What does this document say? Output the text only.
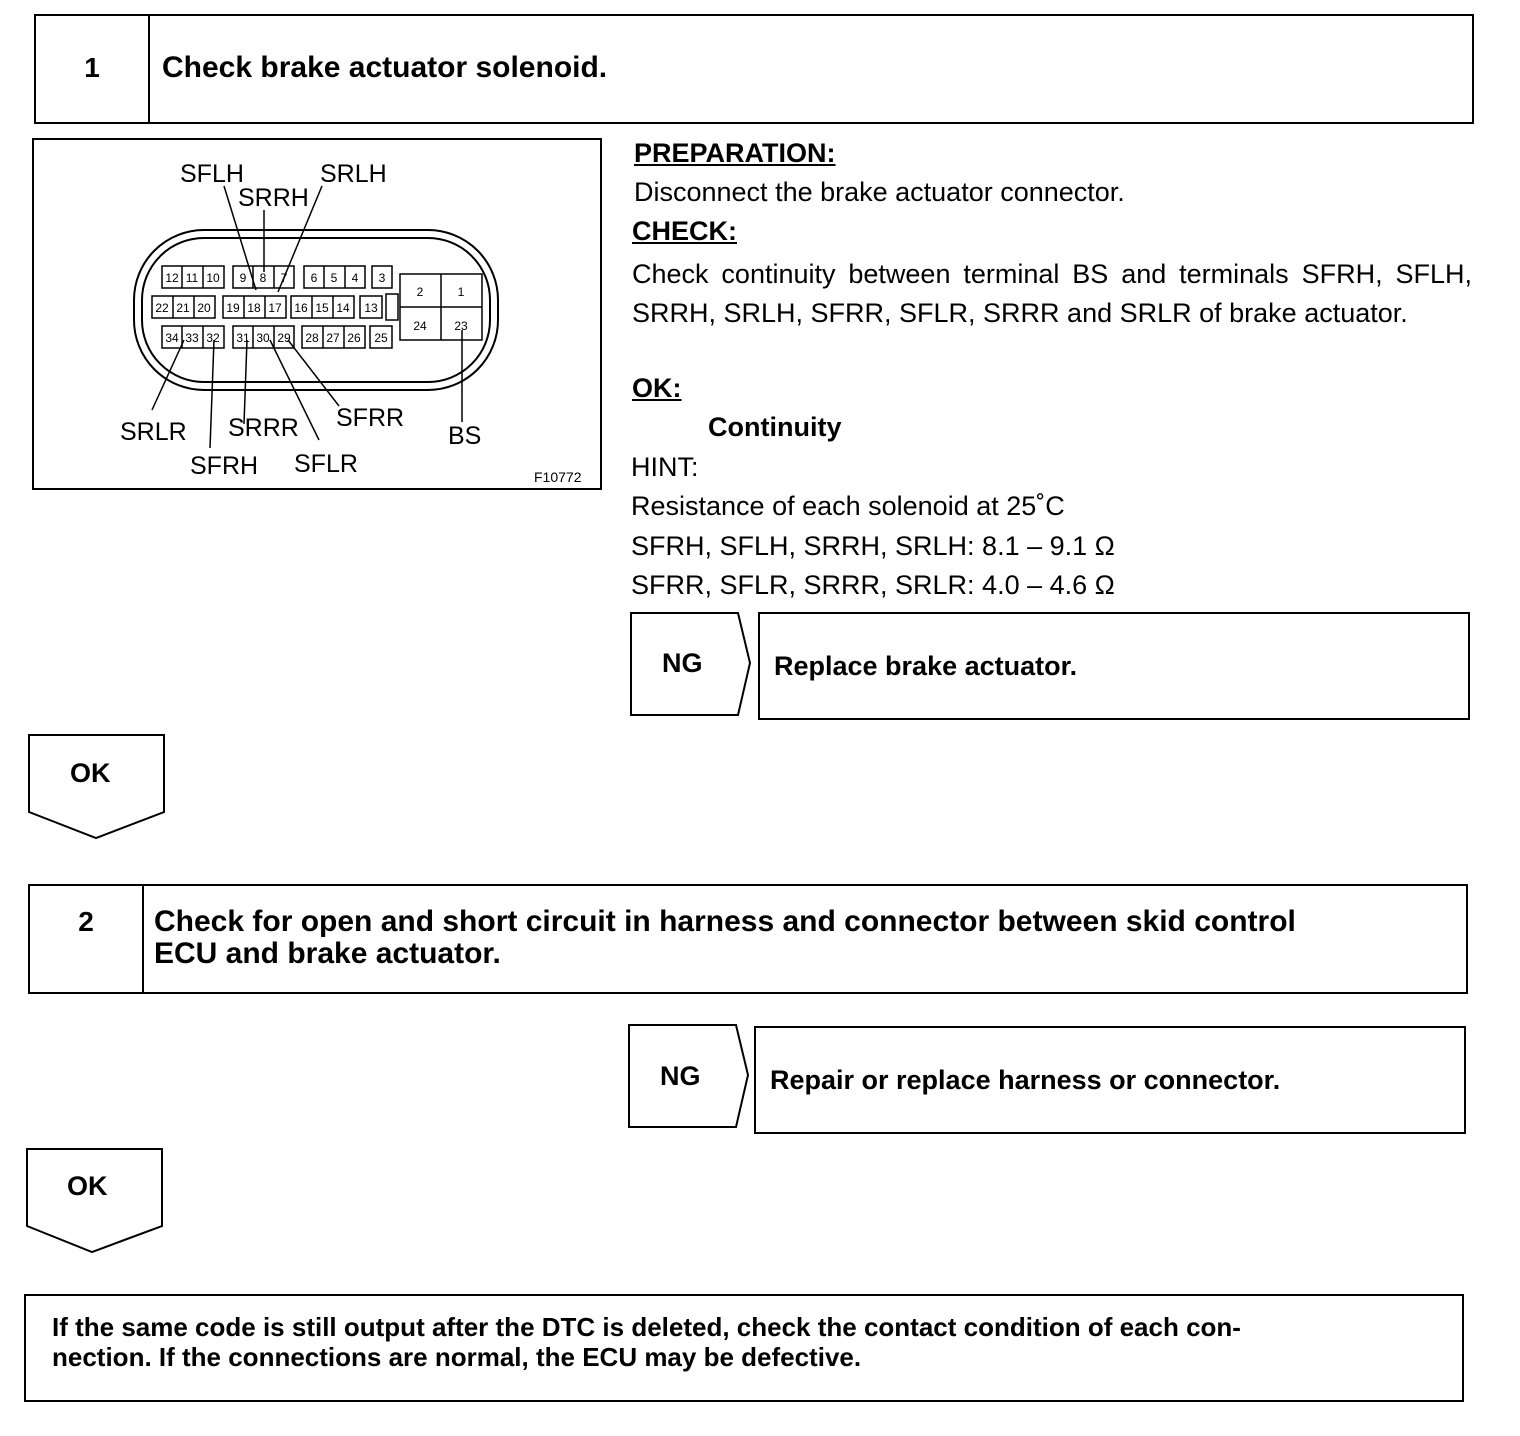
1	Check brake actuator solenoid.
12 11 10 9 8 7 6 5 4 3
22 21 20 19 18 17 16 15 14 13
34 33 32 31 30 29 28 27 26 25
2	1
24 23
SFLH
SRRH
SRLH
SRLR SRRR SFRR
BS
SFRH SFLR	F10772
PREPARATION:
Disconnect the brake actuator connector.
CHECK:
Check continuity between terminal BS and terminals SFRH, SFLH, SRRH, SRLH, SFRR, SFLR, SRRR and SRLR of brake actuator.
OK:
Continuity
HINT:
Resistance of each solenoid at 25˚C
SFRH, SFLH, SRRH, SRLH: 8.1 – 9.1 Ω
SFRR, SFLR, SRRR, SRLR: 4.0 – 4.6 Ω
NG	Replace brake actuator.
OK
2	Check for open and short circuit in harness and connector between skid control
ECU and brake actuator.
NG	Repair or replace harness or connector.
OK
If the same code is still output after the DTC is deleted, check the contact condition of each con-
nection. If the connections are normal, the ECU may be defective.
